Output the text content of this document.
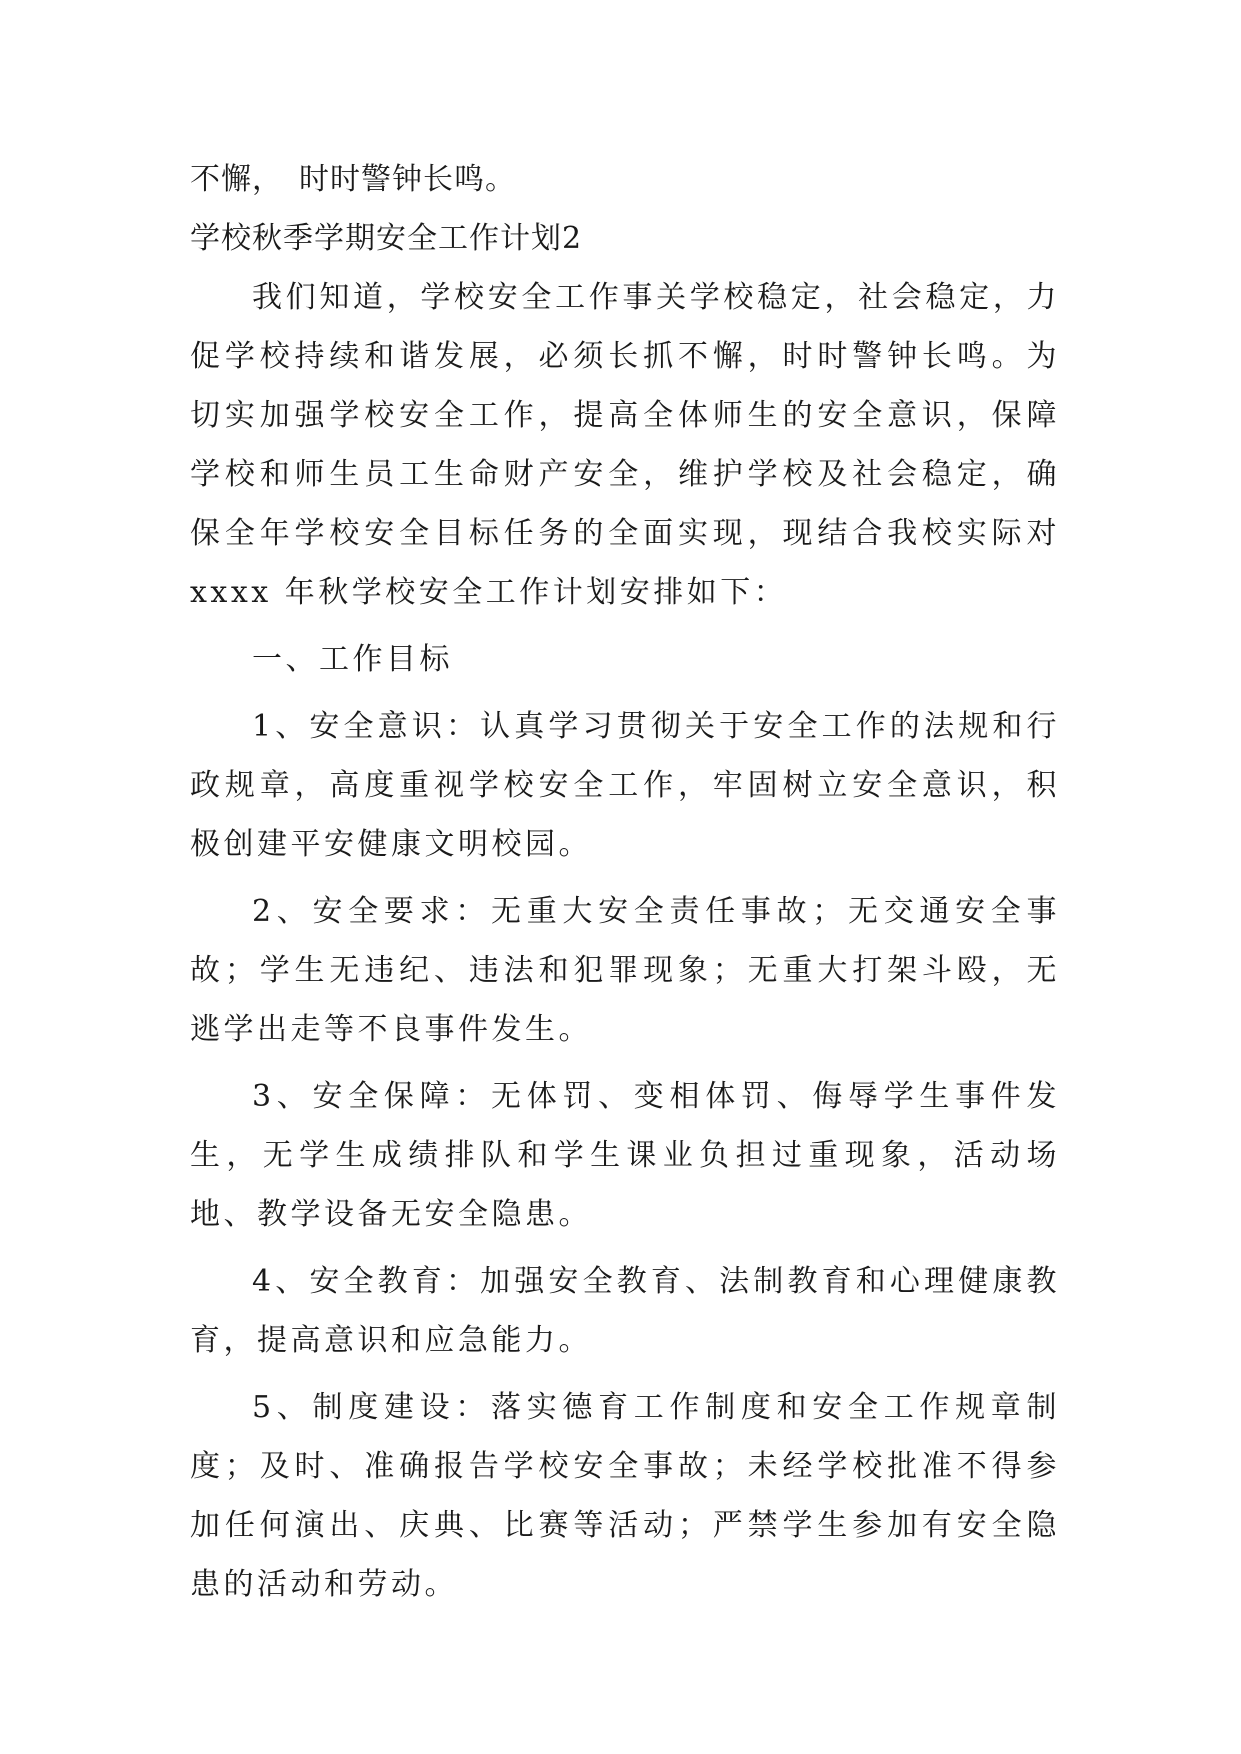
不懈，　时时警钟长鸣。
学校秋季学期安全工作计划2

我们知道，学校安全工作事关学校稳定，社会稳定，力促学校持续和谐发展，必须长抓不懈，时时警钟长鸣。为切实加强学校安全工作，提高全体师生的安全意识，保障学校和师生员工生命财产安全，维护学校及社会稳定，确保全年学校安全目标任务的全面实现，现结合我校实际对 xxxx 年秋学校安全工作计划安排如下：

一、工作目标

1、安全意识：认真学习贯彻关于安全工作的法规和行政规章，高度重视学校安全工作，牢固树立安全意识，积极创建平安健康文明校园。

2、安全要求：无重大安全责任事故；无交通安全事故；学生无违纪、违法和犯罪现象；无重大打架斗殴，无逃学出走等不良事件发生。

3、安全保障：无体罚、变相体罚、侮辱学生事件发生，无学生成绩排队和学生课业负担过重现象，活动场地、教学设备无安全隐患。

4、安全教育：加强安全教育、法制教育和心理健康教育，提高意识和应急能力。

5、制度建设：落实德育工作制度和安全工作规章制度；及时、准确报告学校安全事故；未经学校批准不得参加任何演出、庆典、比赛等活动；严禁学生参加有安全隐患的活动和劳动。
